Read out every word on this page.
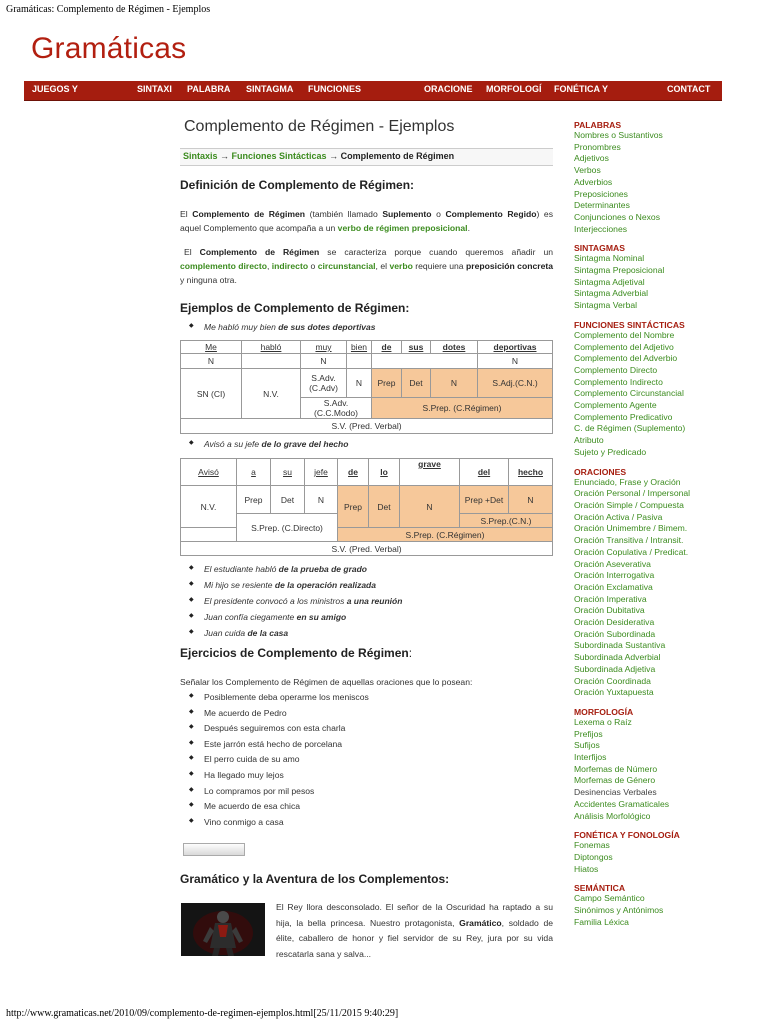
Gramáticas: Complemento de Régimen - Ejemplos
Gramáticas
JUEGOS Y	SINTAXI PALABRA SINTAGMA FUNCIONES	ORACIONE MORFOLOGÍ FONÉTICA Y	CONTACT
Complemento de Régimen - Ejemplos
Sintaxis → Funciones Sintácticas → Complemento de Régimen
Definición de Complemento de Régimen:

El Complemento de Régimen (también llamado Suplemento o Complemento Regido) es aquel Complemento que acompaña a un verbo de régimen preposicional.

El Complemento de Régimen se caracteriza porque cuando queremos añadir un complemento directo, indirecto o circunstancial, el verbo requiere una preposición concreta y ninguna otra.

Ejemplos de Complemento de Régimen:
◆ Me habló muy bien de sus dotes deportivas
Me	habló	muy	bien	de	sus	dotes	deportivas
N		N					N
SN (CI)	N.V.	S.Adv. (C.Adv)	N	Prep	Det	N	S.Adj.(C.N.)
		S.Adv. (C.C.Modo)		S.Prep. (C.Régimen)			
S.V. (Pred. Verbal)							
◆ Avisó a su jefe de lo grave del hecho
Avisó	a	su	jefe	de	lo	grave	del	hecho
N.V.	Prep	Det	N	Prep	Det	N	Prep +Det	N
	S.Prep. (C.Directo)						S.Prep.(C.N.)	
				S.Prep. (C.Régimen)				
S.V. (Pred. Verbal)								
◆ El estudiante habló de la prueba de grado
◆ Mi hijo se resiente de la operación realizada
◆ El presidente convocó a los ministros a una reunión
◆ Juan confía ciegamente en su amigo
◆ Juan cuida de la casa
Ejercicios de Complemento de Régimen:

Señalar los Complemento de Régimen de aquellas oraciones que lo posean:

◆ Posiblemente deba operarme los meniscos
◆ Me acuerdo de Pedro
◆ Después seguiremos con esta charla
◆ Este jarrón está hecho de porcelana
◆ El perro cuida de su amo
◆ Ha llegado muy lejos
◆ Lo compramos por mil pesos
◆ Me acuerdo de esa chica
◆ Vino conmigo a casa
Gramático y la Aventura de los Complementos:

El Rey llora desconsolado. El señor de la Oscuridad ha raptado a su hija, la bella princesa. Nuestro protagonista, Gramático, soldado de élite, caballero de honor y fiel servidor de su Rey, jura por su vida rescatarla sana y salva...

PALABRAS
Nombres o Sustantivos
Pronombres
Adjetivos
Verbos
Adverbios
Preposiciones
Determinantes
Conjunciones o Nexos
Interjecciones
SINTAGMAS
Sintagma Nominal
Sintagma Preposicional
Sintagma Adjetival
Sintagma Adverbial
Sintagma Verbal
FUNCIONES SINTÁCTICAS
Complemento del Nombre
Complemento del Adjetivo
Complemento del Adverbio
Complemento Directo
Complemento Indirecto
Complemento Circunstancial
Complemento Agente
Complemento Predicativo
C. de Régimen (Suplemento)
Atributo
Sujeto y Predicado
ORACIONES
Enunciado, Frase y Oración
Oración Personal / Impersonal
Oración Simple / Compuesta
Oración Activa / Pasiva
Oración Unimembre / Bimem.
Oración Transitiva / Intransit.
Oración Copulativa / Predicat.
Oración Aseverativa
Oración Interrogativa
Oración Exclamativa
Oración Imperativa
Oración Dubitativa
Oración Desiderativa
Oración Subordinada
Subordinada Sustantiva
Subordinada Adverbial
Subordinada Adjetiva
Oración Coordinada
Oración Yuxtapuesta
MORFOLOGÍA
Lexema o Raíz
Prefijos
Sufijos
Interfijos
Morfemas de Número
Morfemas de Género
Desinencias Verbales
Accidentes Gramaticales
Análisis Morfológico
FONÉTICA Y FONOLOGÍA
Fonemas
Diptongos
Hiatos
SEMÁNTICA
Campo Semántico
Sinónimos y Antónimos
Familia Léxica
http://www.gramaticas.net/2010/09/complemento-de-regimen-ejemplos.html[25/11/2015 9:40:29]
